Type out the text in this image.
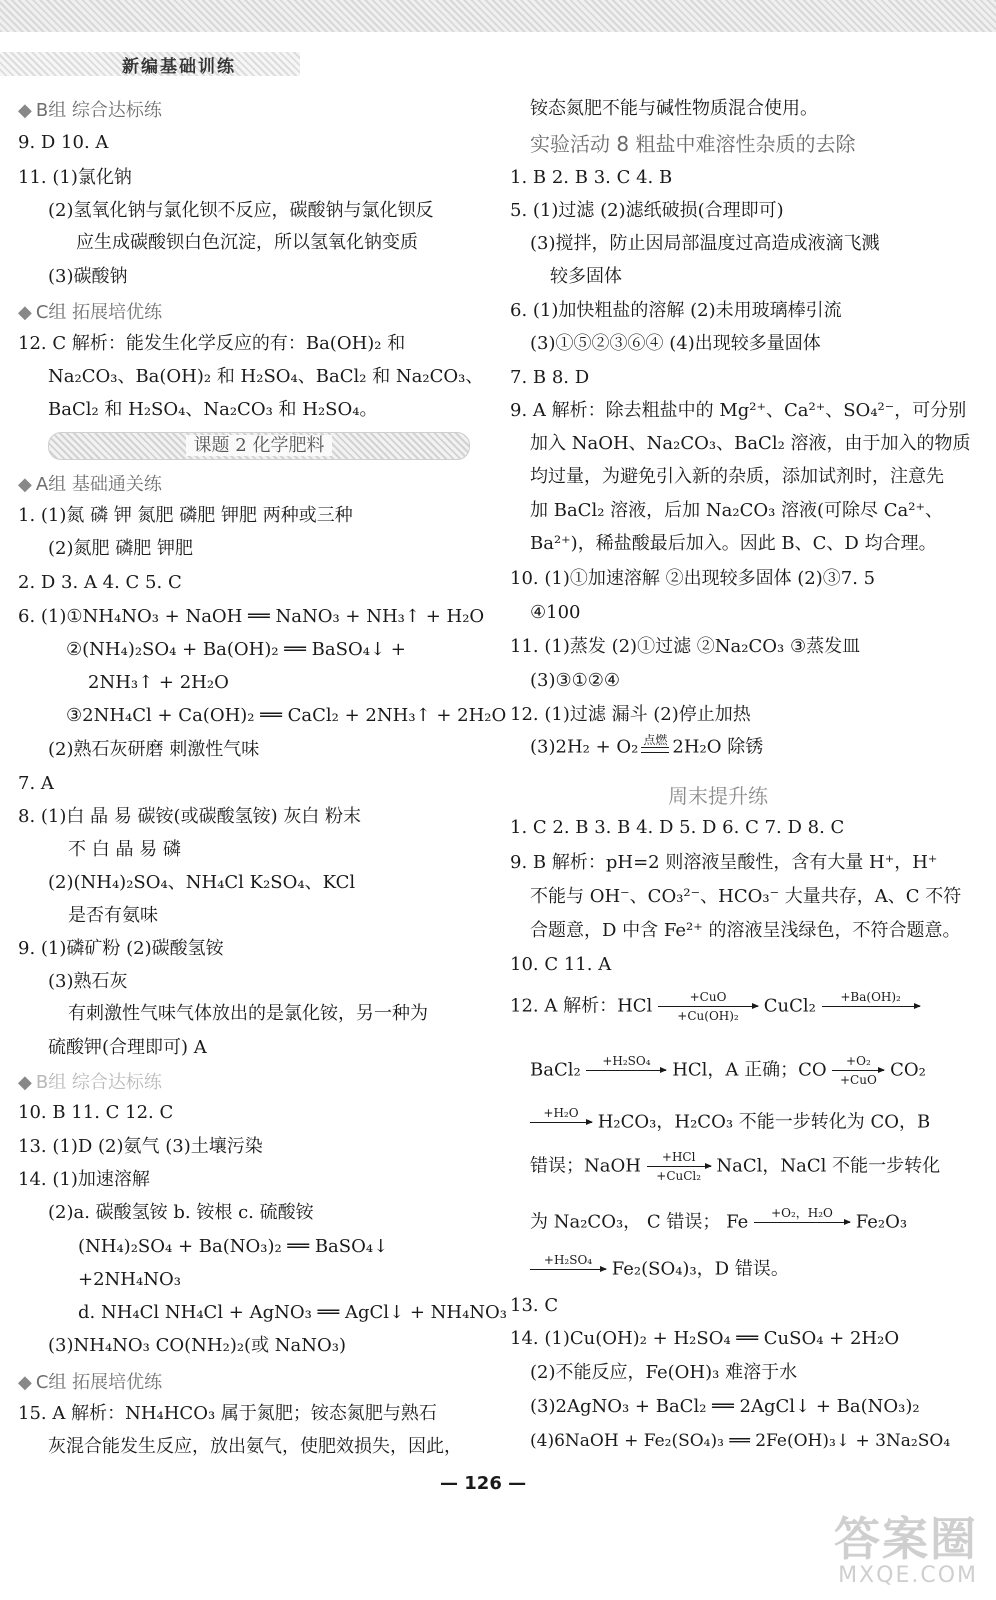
新编基础训练
◆ B组 综合达标练
9. D 10. A
11. (1)氯化钠
(2)氢氧化钠与氯化钡不反应，碳酸钠与氯化钡反
应生成碳酸钡白色沉淀，所以氢氧化钠变质
(3)碳酸钠
◆ C组 拓展培优练
12. C 解析：能发生化学反应的有：Ba(OH)₂ 和
Na₂CO₃、Ba(OH)₂ 和 H₂SO₄、BaCl₂ 和 Na₂CO₃、
BaCl₂ 和 H₂SO₄、Na₂CO₃ 和 H₂SO₄。
课题 2 化学肥料
◆ A组 基础通关练
1. (1)氮 磷 钾 氮肥 磷肥 钾肥 两种或三种
(2)氮肥 磷肥 钾肥
2. D 3. A 4. C 5. C
6. (1)①NH₄NO₃ + NaOH ══ NaNO₃ + NH₃↑ + H₂O
②(NH₄)₂SO₄ + Ba(OH)₂ ══ BaSO₄↓ +
2NH₃↑ + 2H₂O
③2NH₄Cl + Ca(OH)₂ ══ CaCl₂ + 2NH₃↑ + 2H₂O
(2)熟石灰研磨 刺激性气味
7. A
8. (1)白 晶 易 碳铵(或碳酸氢铵) 灰白 粉末
不 白 晶 易 磷
(2)(NH₄)₂SO₄、NH₄Cl K₂SO₄、KCl
是否有氨味
9. (1)磷矿粉 (2)碳酸氢铵
(3)熟石灰
有刺激性气味气体放出的是氯化铵，另一种为
硫酸钾(合理即可) A
◆ B组 综合达标练
10. B 11. C 12. C
13. (1)D (2)氨气 (3)土壤污染
14. (1)加速溶解
(2)a. 碳酸氢铵 b. 铵根 c. 硫酸铵
(NH₄)₂SO₄ + Ba(NO₃)₂ ══ BaSO₄↓
+2NH₄NO₃
d. NH₄Cl NH₄Cl + AgNO₃ ══ AgCl↓ + NH₄NO₃
(3)NH₄NO₃ CO(NH₂)₂(或 NaNO₃)
◆ C组 拓展培优练
15. A 解析：NH₄HCO₃ 属于氮肥；铵态氮肥与熟石
灰混合能发生反应，放出氨气，使肥效损失，因此，
铵态氮肥不能与碱性物质混合使用。
实验活动 8 粗盐中难溶性杂质的去除
1. B 2. B 3. C 4. B
5. (1)过滤 (2)滤纸破损(合理即可)
(3)搅拌，防止因局部温度过高造成液滴飞溅
较多固体
6. (1)加快粗盐的溶解 (2)未用玻璃棒引流
(3)①⑤②③⑥④ (4)出现较多量固体
7. B 8. D
9. A 解析：除去粗盐中的 Mg²⁺、Ca²⁺、SO₄²⁻，可分别
加入 NaOH、Na₂CO₃、BaCl₂ 溶液，由于加入的物质
均过量，为避免引入新的杂质，添加试剂时，注意先
加 BaCl₂ 溶液，后加 Na₂CO₃ 溶液(可除尽 Ca²⁺、
Ba²⁺)，稀盐酸最后加入。因此 B、C、D 均合理。
10. (1)①加速溶解 ②出现较多固体 (2)③7. 5
④100
11. (1)蒸发 (2)①过滤 ②Na₂CO₃ ③蒸发皿
(3)③①②④
12. (1)过滤 漏斗 (2)停止加热
(3)2H₂ + O₂ 点燃 2H₂O 除锈
周末提升练
1. C 2. B 3. B 4. D 5. D 6. C 7. D 8. C
9. B 解析：pH=2 则溶液呈酸性，含有大量 H⁺，H⁺
不能与 OH⁻、CO₃²⁻、HCO₃⁻ 大量共存，A、C 不符
合题意，D 中含 Fe²⁺ 的溶液呈浅绿色，不符合题意。
10. C 11. A
12. A 解析：HCl	+CuO
+Cu(OH)₂	CuCl₂	+Ba(OH)₂

BaCl₂	+H₂SO₄
	HCl，A 正确；CO	+O₂
+CuO CO₂
+H₂O
	H₂CO₃，H₂CO₃ 不能一步转化为 CO，B
错误；NaOH	+HCl
+CuCl₂ NaCl，NaCl 不能一步转化
为 Na₂CO₃， C 错误； Fe	+O₂，H₂O
	Fe₂O₃
+H₂SO₄
	Fe₂(SO₄)₃，D 错误。
13. C
14. (1)Cu(OH)₂ + H₂SO₄ ══ CuSO₄ + 2H₂O
(2)不能反应，Fe(OH)₃ 难溶于水
(3)2AgNO₃ + BaCl₂ ══ 2AgCl↓ + Ba(NO₃)₂
(4)6NaOH + Fe₂(SO₄)₃ ══ 2Fe(OH)₃↓ + 3Na₂SO₄
— 126 —
答案圈
MXQE.COM
